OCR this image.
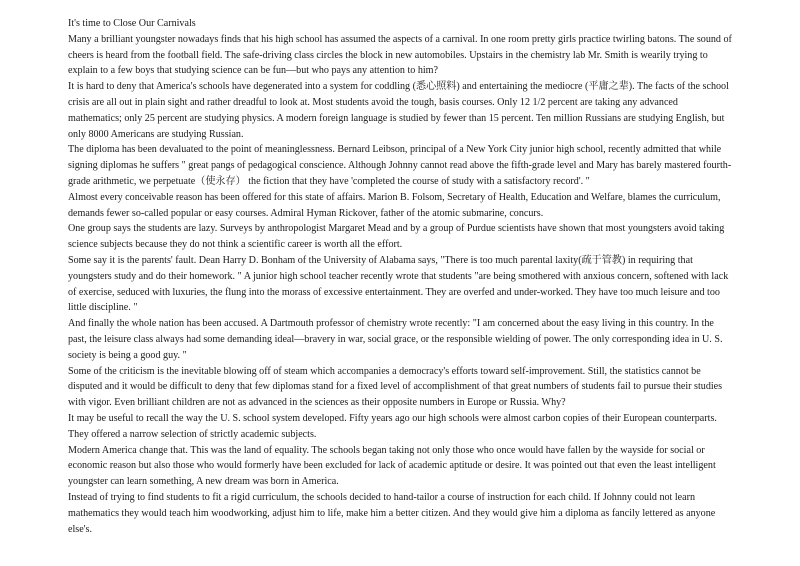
It's time to Close Our Carnivals

Many a brilliant youngster nowadays finds that his high school has assumed the aspects of a carnival. In one room pretty girls practice twirling batons. The sound of cheers is heard from the football field. The safe-driving class circles the block in new automobiles. Upstairs in the chemistry lab Mr. Smith is wearily trying to explain to a few boys that studying science can be fun—but who pays any attention to him?

It is hard to deny that America's schools have degenerated into a system for coddling (悉心照料) and entertaining the mediocre (平庸之辈). The facts of the school crisis are all out in plain sight and rather dreadful to look at. Most students avoid the tough, basis courses. Only 12 1/2 percent are taking any advanced mathematics; only 25 percent are studying physics. A modern foreign language is studied by fewer than 15 percent. Ten million Russians are studying English, but only 8000 Americans are studying Russian.

The diploma has been devaluated to the point of meaninglessness. Bernard Leibson, principal of a New York City junior high school, recently admitted that while signing diplomas he suffers " great pangs of pedagogical conscience. Although Johnny cannot read above the fifth-grade level and Mary has barely mastered fourth-grade arithmetic, we perpetuate（使永存） the fiction that they have 'completed the course of study with a satisfactory record'. "

Almost every conceivable reason has been offered for this state of affairs. Marion B. Folsom, Secretary of Health, Education and Welfare, blames the curriculum, demands fewer so-called popular or easy courses. Admiral Hyman Rickover, father of the atomic submarine, concurs.

One group says the students are lazy. Surveys by anthropologist Margaret Mead and by a group of Purdue scientists have shown that most youngsters avoid taking science subjects because they do not think a scientific career is worth all the effort.

Some say it is the parents' fault. Dean Harry D. Bonham of the University of Alabama says, "There is too much parental laxity(疏于管教) in requiring that youngsters study and do their homework. " A junior high school teacher recently wrote that students "are being smothered with anxious concern, softened with lack of exercise, seduced with luxuries, the flung into the morass of excessive entertainment. They are overfed and under-worked. They have too much leisure and too little discipline. "

And finally the whole nation has been accused. A Dartmouth professor of chemistry wrote recently: "I am concerned about the easy living in this country. In the past, the leisure class always had some demanding ideal—bravery in war, social grace, or the responsible wielding of power. The only corresponding idea in U. S. society is being a good guy. "

Some of the criticism is the inevitable blowing off of steam which accompanies a democracy's efforts toward self-improvement. Still, the statistics cannot be disputed and it would be difficult to deny that few diplomas stand for a fixed level of accomplishment of that great numbers of students fail to pursue their studies with vigor. Even brilliant children are not as advanced in the sciences as their opposite numbers in Europe or Russia. Why?

It may be useful to recall the way the U. S. school system developed. Fifty years ago our high schools were almost carbon copies of their European counterparts. They offered a narrow selection of strictly academic subjects.

Modern America change that. This was the land of equality. The schools began taking not only those who once would have fallen by the wayside for social or economic reason but also those who would formerly have been excluded for lack of academic aptitude or desire. It was pointed out that even the least intelligent youngster can learn something, A new dream was born in America.

Instead of trying to find students to fit a rigid curriculum, the schools decided to hand-tailor a course of instruction for each child. If Johnny could not learn mathematics they would teach him woodworking, adjust him to life, make him a better citizen. And they would give him a diploma as fancily lettered as anyone else's.
